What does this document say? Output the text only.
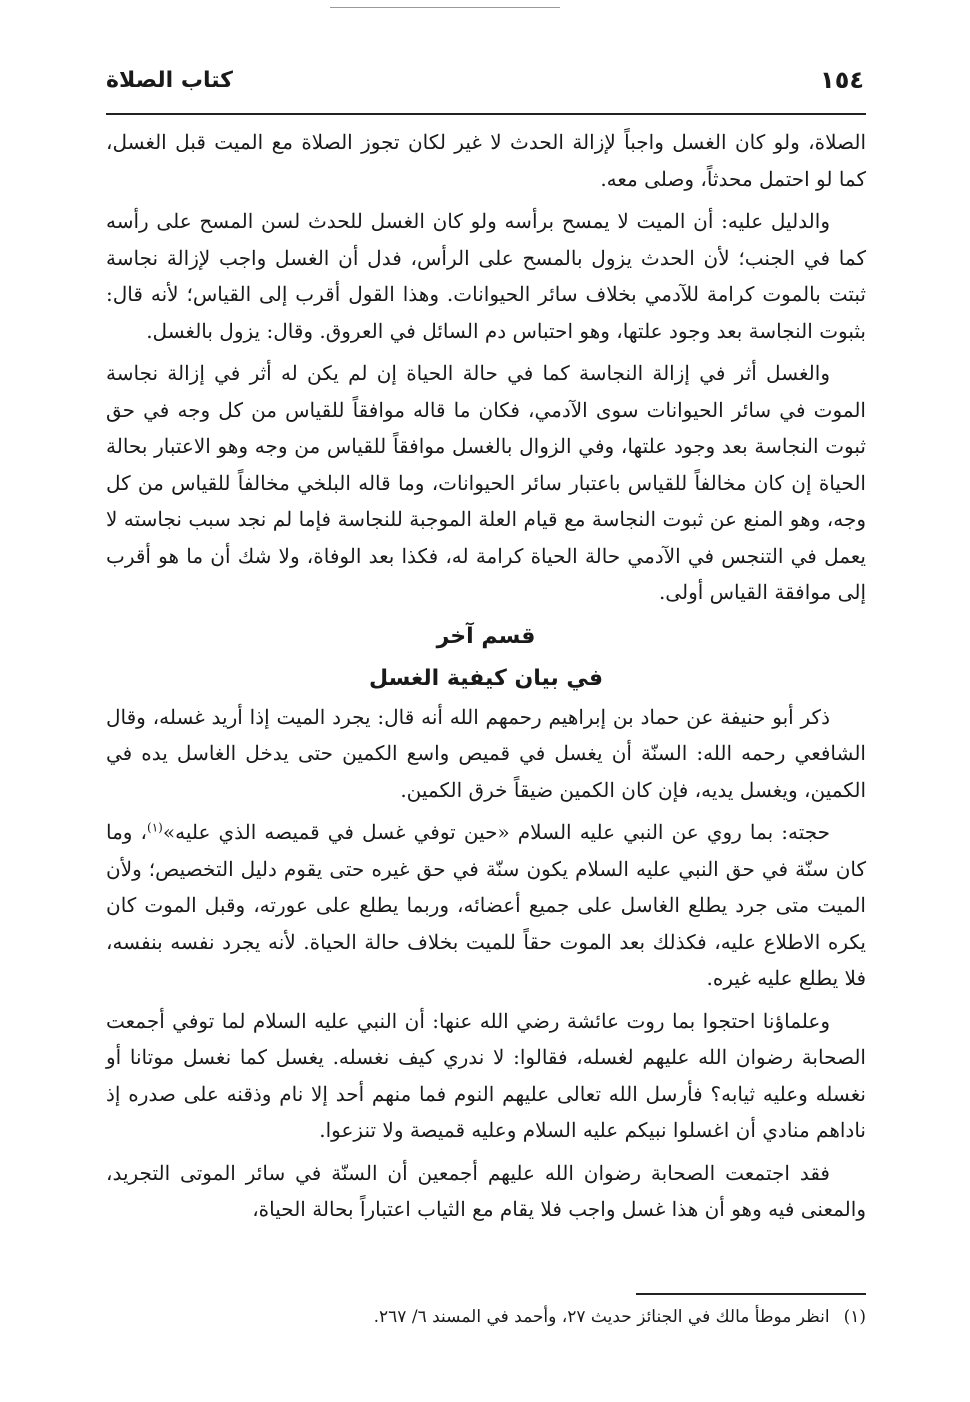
كتاب الصلاة	١٥٤

الصلاة، ولو كان الغسل واجباً لإزالة الحدث لا غير لكان تجوز الصلاة مع الميت قبل الغسل، كما لو احتمل محدثاً، وصلى معه.

والدليل عليه: أن الميت لا يمسح برأسه ولو كان الغسل للحدث لسن المسح على رأسه كما في الجنب؛ لأن الحدث يزول بالمسح على الرأس، فدل أن الغسل واجب لإزالة نجاسة ثبتت بالموت كرامة للآدمي بخلاف سائر الحيوانات. وهذا القول أقرب إلى القياس؛ لأنه قال: بثبوت النجاسة بعد وجود علتها، وهو احتباس دم السائل في العروق. وقال: يزول بالغسل.

والغسل أثر في إزالة النجاسة كما في حالة الحياة إن لم يكن له أثر في إزالة نجاسة الموت في سائر الحيوانات سوى الآدمي، فكان ما قاله موافقاً للقياس من كل وجه في حق ثبوت النجاسة بعد وجود علتها، وفي الزوال بالغسل موافقاً للقياس من وجه وهو الاعتبار بحالة الحياة إن كان مخالفاً للقياس باعتبار سائر الحيوانات، وما قاله البلخي مخالفاً للقياس من كل وجه، وهو المنع عن ثبوت النجاسة مع قيام العلة الموجبة للنجاسة فإما لم نجد سبب نجاسته لا يعمل في التنجس في الآدمي حالة الحياة كرامة له، فكذا بعد الوفاة، ولا شك أن ما هو أقرب إلى موافقة القياس أولى.

قسم آخر
في بيان كيفية الغسل

ذكر أبو حنيفة عن حماد بن إبراهيم رحمهم الله أنه قال: يجرد الميت إذا أريد غسله، وقال الشافعي رحمه الله: السنّة أن يغسل في قميص واسع الكمين حتى يدخل الغاسل يده في الكمين، ويغسل يديه، فإن كان الكمين ضيقاً خرق الكمين.

حجته: بما روي عن النبي عليه السلام «حين توفي غسل في قميصه الذي عليه»$^{(١)}$، وما كان سنّة في حق النبي عليه السلام يكون سنّة في حق غيره حتى يقوم دليل التخصيص؛ ولأن الميت متى جرد يطلع الغاسل على جميع أعضائه، وربما يطلع على عورته، وقبل الموت كان يكره الاطلاع عليه، فكذلك بعد الموت حقاً للميت بخلاف حالة الحياة. لأنه يجرد نفسه بنفسه، فلا يطلع عليه غيره.

وعلماؤنا احتجوا بما روت عائشة رضي الله عنها: أن النبي عليه السلام لما توفي أجمعت الصحابة رضوان الله عليهم لغسله، فقالوا: لا ندري كيف نغسله. يغسل كما نغسل موتانا أو نغسله وعليه ثيابه؟ فأرسل الله تعالى عليهم النوم فما منهم أحد إلا نام وذقنه على صدره إذ ناداهم منادي أن اغسلوا نبيكم عليه السلام وعليه قميصة ولا تنزعوا.

فقد اجتمعت الصحابة رضوان الله عليهم أجمعين أن السنّة في سائر الموتى التجريد، والمعنى فيه وهو أن هذا غسل واجب فلا يقام مع الثياب اعتباراً بحالة الحياة،

(١)انظر موطأ مالك في الجنائز حديث ٢٧، وأحمد في المسند ٦/ ٢٦٧.
